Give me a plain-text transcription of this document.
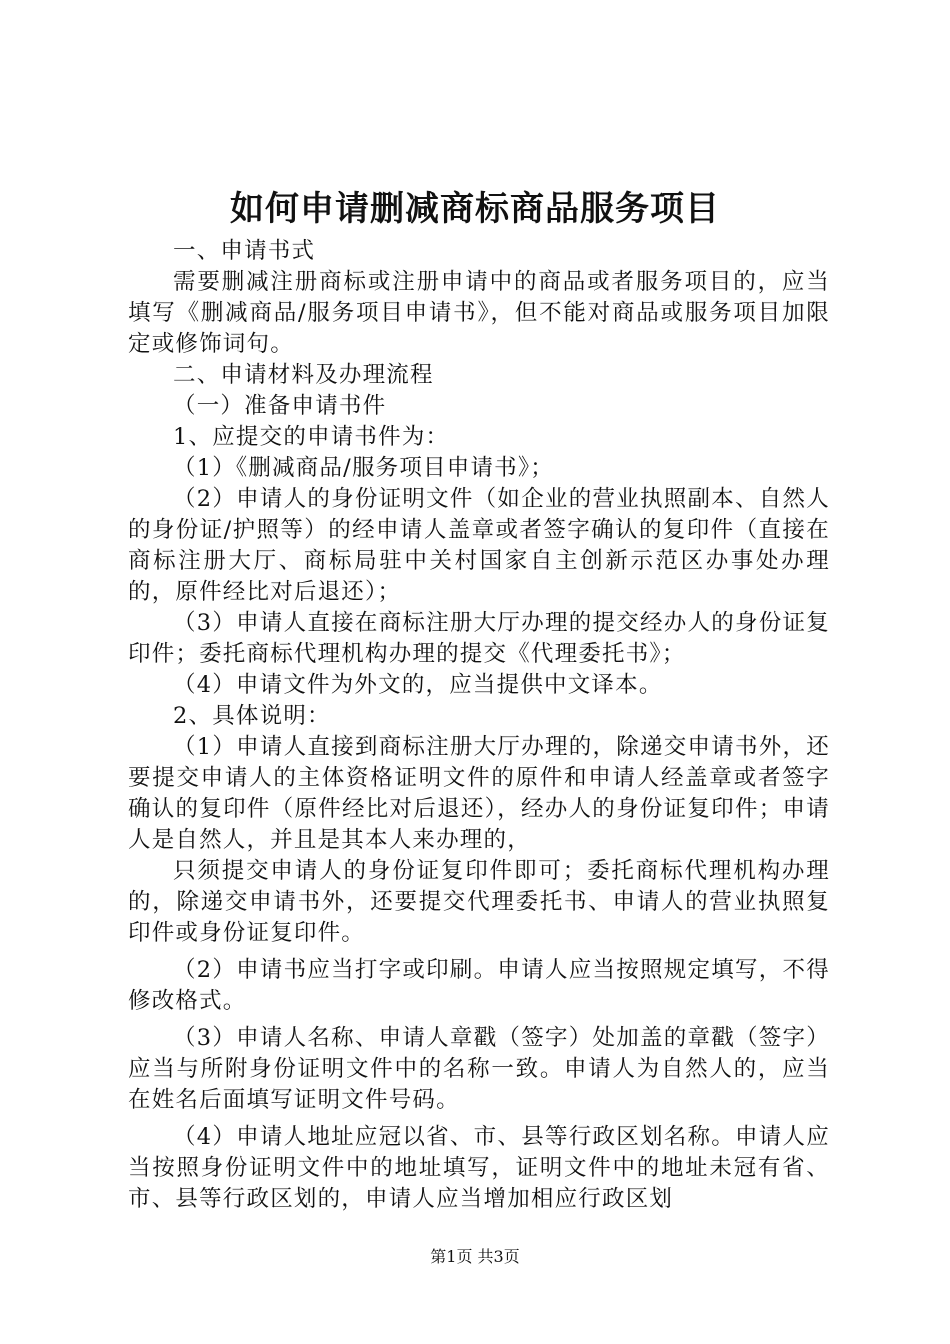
如何申请删减商标商品服务项目

一、申请书式

需要删减注册商标或注册申请中的商品或者服务项目的，应当填写《删减商品/服务项目申请书》，但不能对商品或服务项目加限定或修饰词句。

二、申请材料及办理流程

（一）准备申请书件

1、应提交的申请书件为：

（1）《删减商品/服务项目申请书》；

（2）申请人的身份证明文件（如企业的营业执照副本、自然人的身份证/护照等）的经申请人盖章或者签字确认的复印件（直接在商标注册大厅、商标局驻中关村国家自主创新示范区办事处办理的，原件经比对后退还）；

（3）申请人直接在商标注册大厅办理的提交经办人的身份证复印件；委托商标代理机构办理的提交《代理委托书》；

（4）申请文件为外文的，应当提供中文译本。

2、具体说明：

（1）申请人直接到商标注册大厅办理的，除递交申请书外，还要提交申请人的主体资格证明文件的原件和申请人经盖章或者签字确认的复印件（原件经比对后退还），经办人的身份证复印件；申请人是自然人，并且是其本人来办理的，

只须提交申请人的身份证复印件即可；委托商标代理机构办理的，除递交申请书外，还要提交代理委托书、申请人的营业执照复印件或身份证复印件。

（2）申请书应当打字或印刷。申请人应当按照规定填写，不得修改格式。

（3）申请人名称、申请人章戳（签字）处加盖的章戳（签字）应当与所附身份证明文件中的名称一致。申请人为自然人的，应当在姓名后面填写证明文件号码。

（4）申请人地址应冠以省、市、县等行政区划名称。申请人应当按照身份证明文件中的地址填写，证明文件中的地址未冠有省、市、县等行政区划的，申请人应当增加相应行政区划

第1页 共3页
